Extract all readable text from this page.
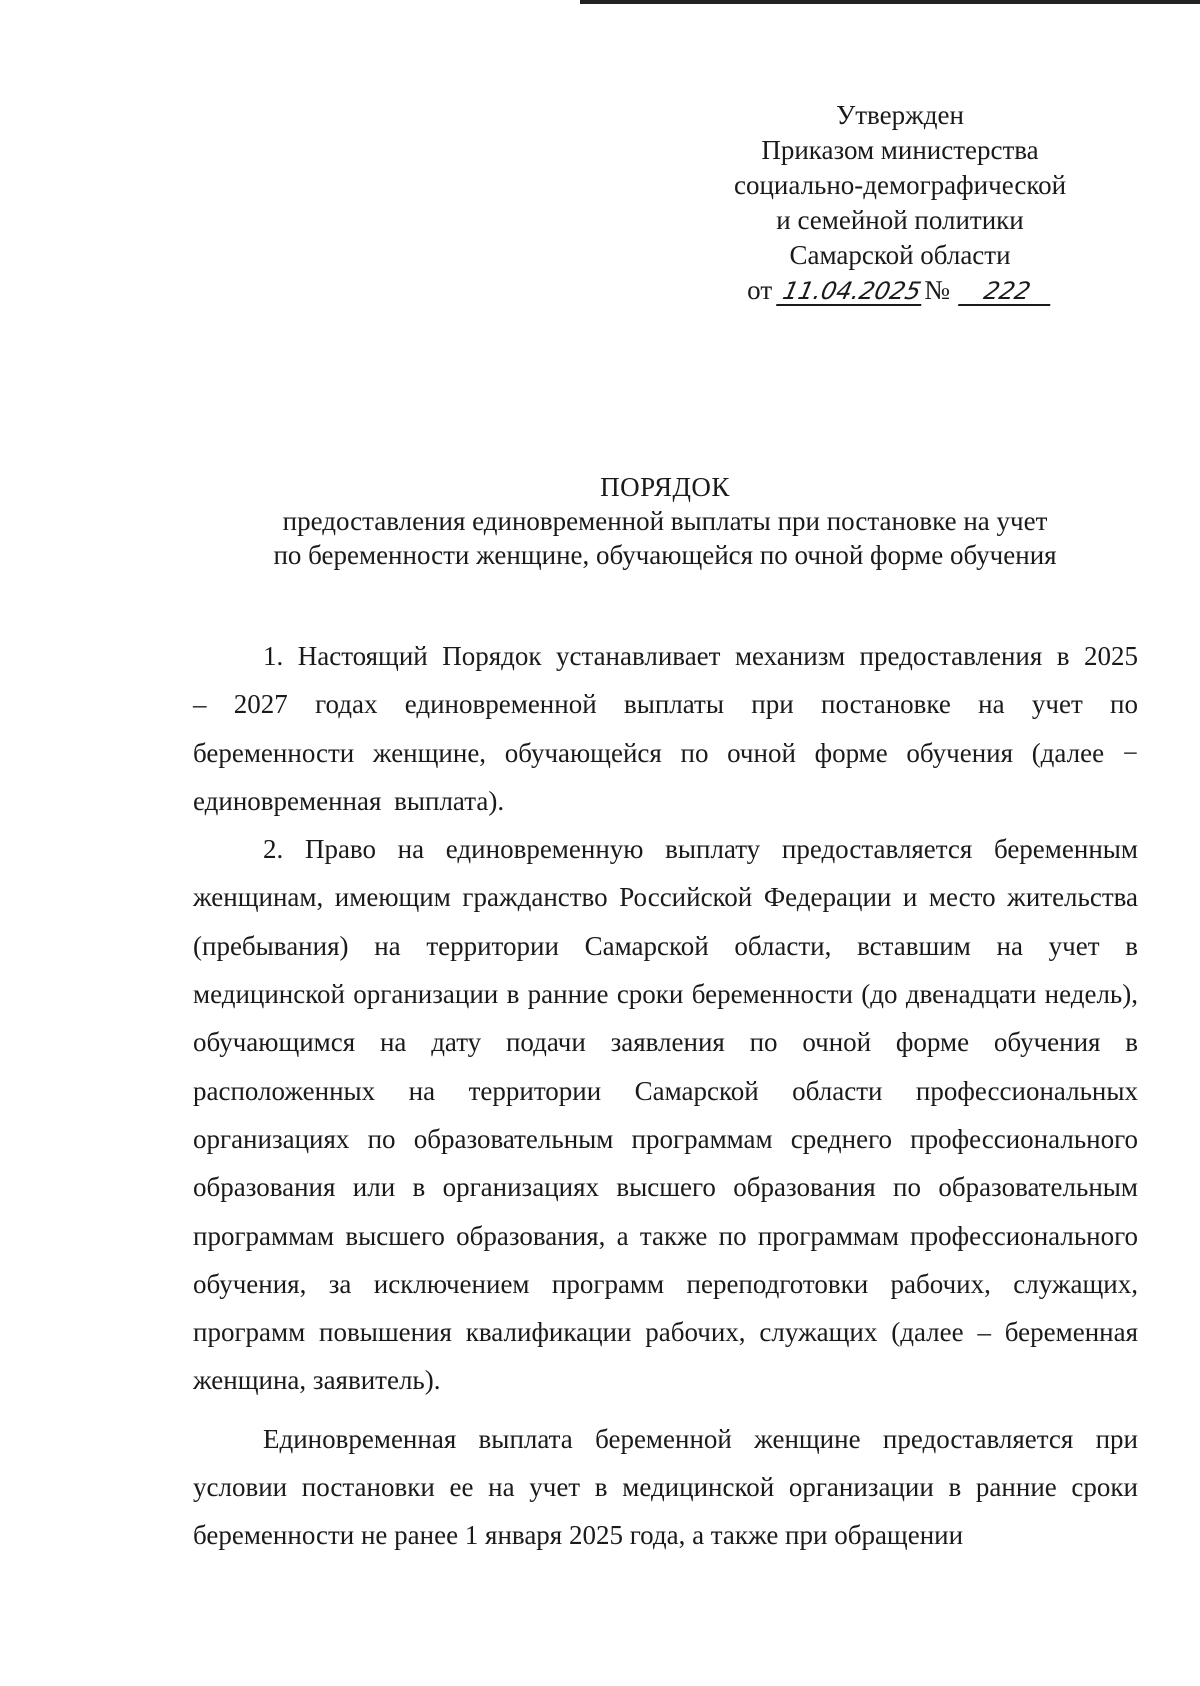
Утвержден
Приказом министерства
социально-демографической
и семейной политики
Самарской области
от 11.04.2025№ 222
ПОРЯДОК
предоставления единовременной выплаты при постановке на учет
по беременности женщине, обучающейся по очной форме обучения

1. Настоящий Порядок устанавливает механизм предоставления в 2025 – 2027 годах единовременной выплаты при постановке на учет по беременности женщине, обучающейся по очной форме обучения (далее − единовременная выплата).

2. Право на единовременную выплату предоставляется беременным женщинам, имеющим гражданство Российской Федерации и место жительства (пребывания) на территории Самарской области, вставшим на учет в медицинской организации в ранние сроки беременности (до двенадцати недель), обучающимся на дату подачи заявления по очной форме обучения в расположенных на территории Самарской области профессиональных организациях по образовательным программам среднего профессионального образования или в организациях высшего образования по образовательным программам высшего образования, а также по программам профессионального обучения, за исключением программ переподготовки рабочих, служащих, программ повышения квалификации рабочих, служащих (далее – беременная женщина, заявитель).

Единовременная выплата беременной женщине предоставляется при условии постановки ее на учет в медицинской организации в ранние сроки беременности не ранее 1 января 2025 года, а также при обращении
